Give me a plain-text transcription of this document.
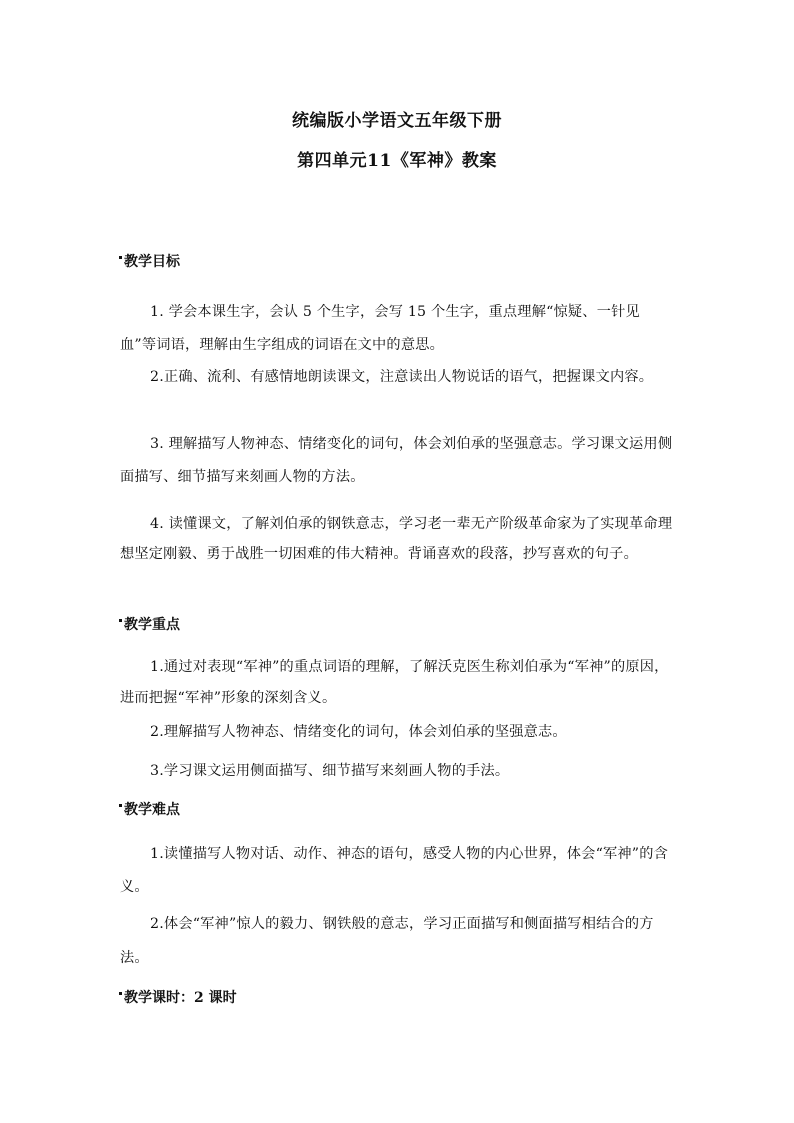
统编版小学语文五年级下册
第四单元11《军神》教案
教学目标
1. 学会本课生字，会认 5 个生字，会写 15 个生字，重点理解“惊疑、一针见血”等词语，理解由生字组成的词语在文中的意思。
2.正确、流利、有感情地朗读课文，注意读出人物说话的语气，把握课文内容。
3. 理解描写人物神态、情绪变化的词句，体会刘伯承的坚强意志。学习课文运用侧面描写、细节描写来刻画人物的方法。
4. 读懂课文，了解刘伯承的钢铁意志，学习老一辈无产阶级革命家为了实现革命理想坚定刚毅、勇于战胜一切困难的伟大精神。背诵喜欢的段落，抄写喜欢的句子。
教学重点
1.通过对表现“军神”的重点词语的理解，了解沃克医生称刘伯承为“军神”的原因，进而把握“军神”形象的深刻含义。
2.理解描写人物神态、情绪变化的词句，体会刘伯承的坚强意志。
3.学习课文运用侧面描写、细节描写来刻画人物的手法。
教学难点
1.读懂描写人物对话、动作、神态的语句，感受人物的内心世界，体会“军神”的含义。
2.体会“军神”惊人的毅力、钢铁般的意志，学习正面描写和侧面描写相结合的方法。
教学课时：2 课时
